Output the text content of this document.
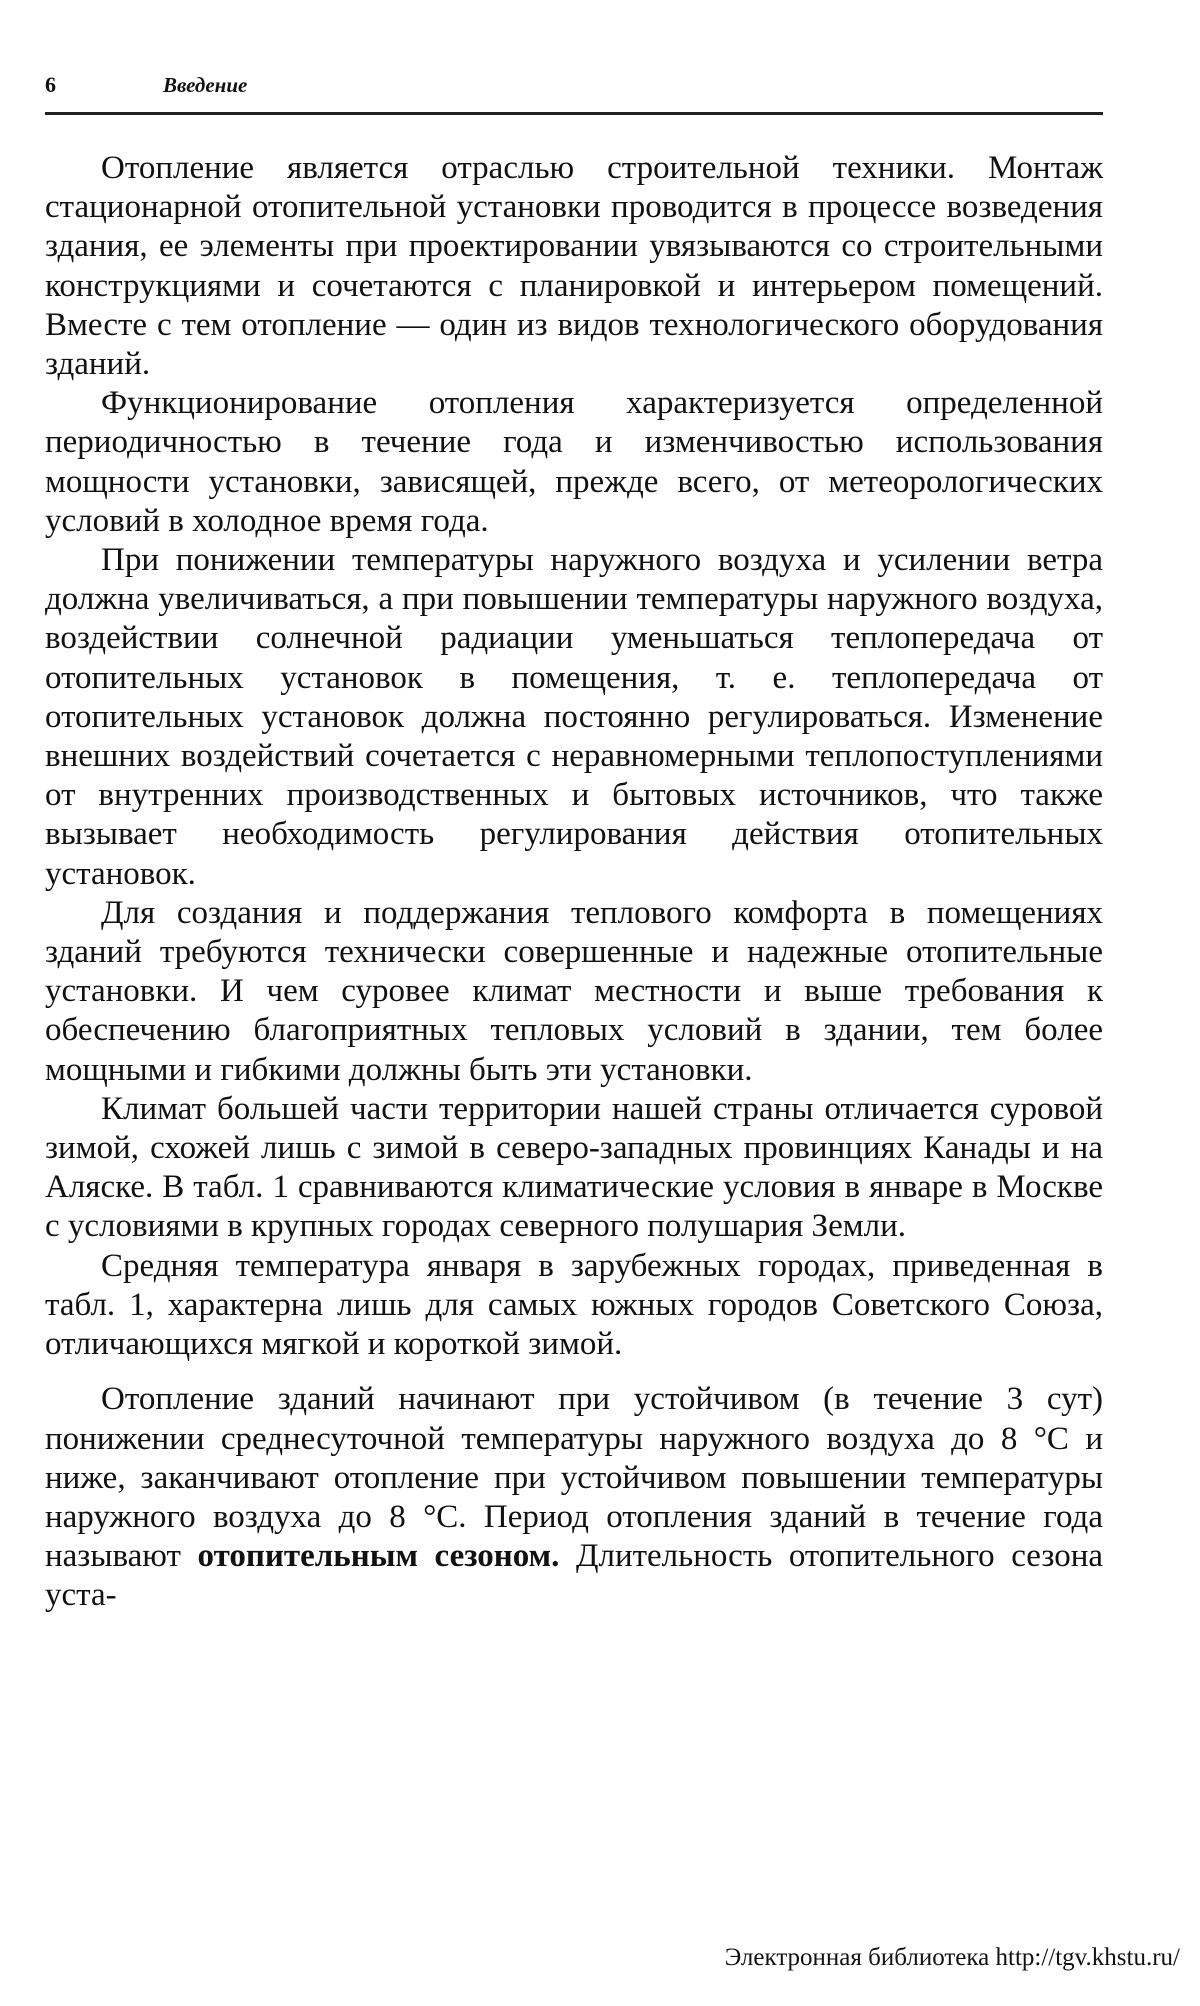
6	Введение

Отопление является отраслью строительной техники. Монтаж стационарной отопительной установки проводится в процессе возведения здания, ее элементы при проектировании увязываются со строительными конструкциями и сочетаются с планировкой и интерьером помещений. Вместе с тем отопление — один из видов технологического оборудования зданий.

Функционирование отопления характеризуется определенной периодичностью в течение года и изменчивостью использования мощности установки, зависящей, прежде всего, от метеорологических условий в холодное время года.

При понижении температуры наружного воздуха и усилении ветра должна увеличиваться, а при повышении температуры наружного воздуха, воздействии солнечной радиации уменьшаться теплопередача от отопительных установок в помещения, т. е. теплопередача от отопительных установок должна постоянно регулироваться. Изменение внешних воздействий сочетается с неравномерными теплопоступлениями от внутренних производственных и бытовых источников, что также вызывает необходимость регулирования действия отопительных установок.

Для создания и поддержания теплового комфорта в помещениях зданий требуются технически совершенные и надежные отопительные установки. И чем суровее климат местности и выше требования к обеспечению благоприятных тепловых условий в здании, тем более мощными и гибкими должны быть эти установки.

Климат большей части территории нашей страны отличается суровой зимой, схожей лишь с зимой в северо-западных провинциях Канады и на Аляске. В табл. 1 сравниваются климатические условия в январе в Москве с условиями в крупных городах северного полушария Земли.

Средняя температура января в зарубежных городах, приведенная в табл. 1, характерна лишь для самых южных городов Советского Союза, отличающихся мягкой и короткой зимой.

Отопление зданий начинают при устойчивом (в течение 3 сут) понижении среднесуточной температуры наружного воздуха до 8 °С и ниже, заканчивают отопление при устойчивом повышении температуры наружного воздуха до 8 °С. Период отопления зданий в течение года называют отопительным сезоном. Длительность отопительного сезона уста-

Электронная библиотека http://tgv.khstu.ru/
